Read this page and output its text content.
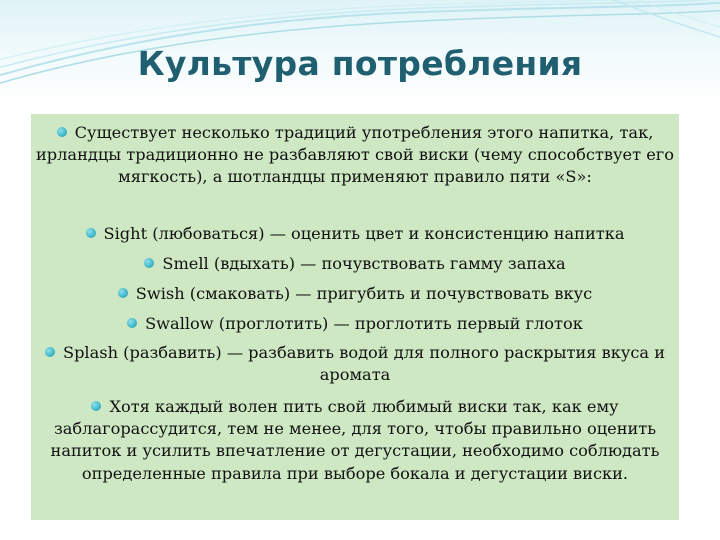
Культура потребления
Существует несколько традиций употребления этого напитка, так, ирландцы традиционно не разбавляют свой виски (чему способствует его мягкость), а шотландцы применяют правило пяти «S»:
Sight (любоваться) — оценить цвет и консистенцию напитка
Smell (вдыхать) — почувствовать гамму запаха
Swish (смаковать) — пригубить и почувствовать вкус
Swallow (проглотить) — проглотить первый глоток
Splash (разбавить) — разбавить водой для полного раскрытия вкуса и аромата
Хотя каждый волен пить свой любимый виски так, как ему заблагорассудится, тем не менее, для того, чтобы правильно оценить напиток и усилить впечатление от дегустации, необходимо соблюдать определенные правила при выборе бокала и дегустации виски.
